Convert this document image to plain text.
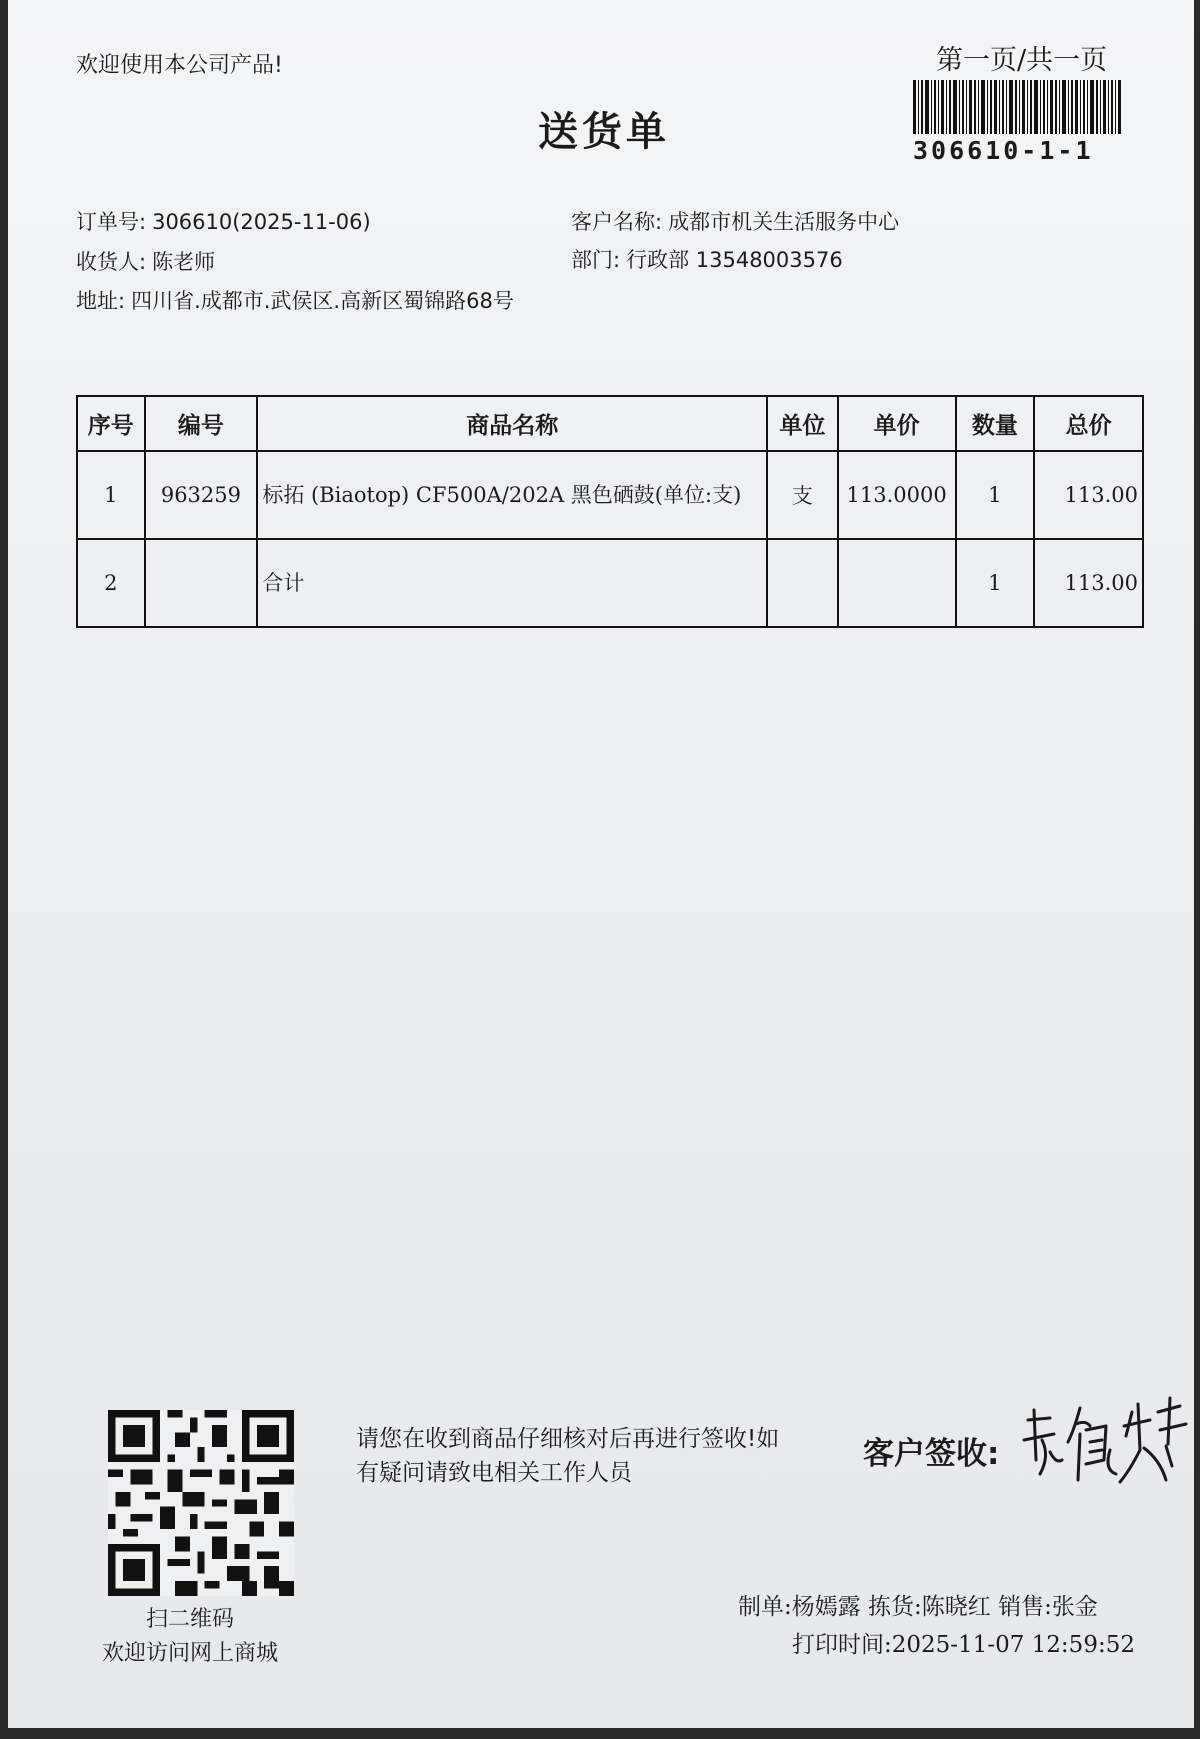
欢迎使用本公司产品!
送货单
第一页/共一页
306610-1-1
订单号: 306610(2025-11-06)	客户名称: 成都市机关生活服务中心
收货人: 陈老师	部门: 行政部 13548003576
地址: 四川省.成都市.武侯区.高新区蜀锦路68号
序号	编号	商品名称	单位	单价	数量	总价
1	963259	标拓 (Biaotop) CF500A/202A 黑色硒鼓(单位:支)	支	113.0000	1	113.00
2		合计			1	113.00
扫二维码
欢迎访问网上商城
请您在收到商品仔细核对后再进行签收!如有疑问请致电相关工作人员
客户签收:
制单:杨嫣露 拣货:陈晓红 销售:张金
打印时间:2025-11-07 12:59:52
